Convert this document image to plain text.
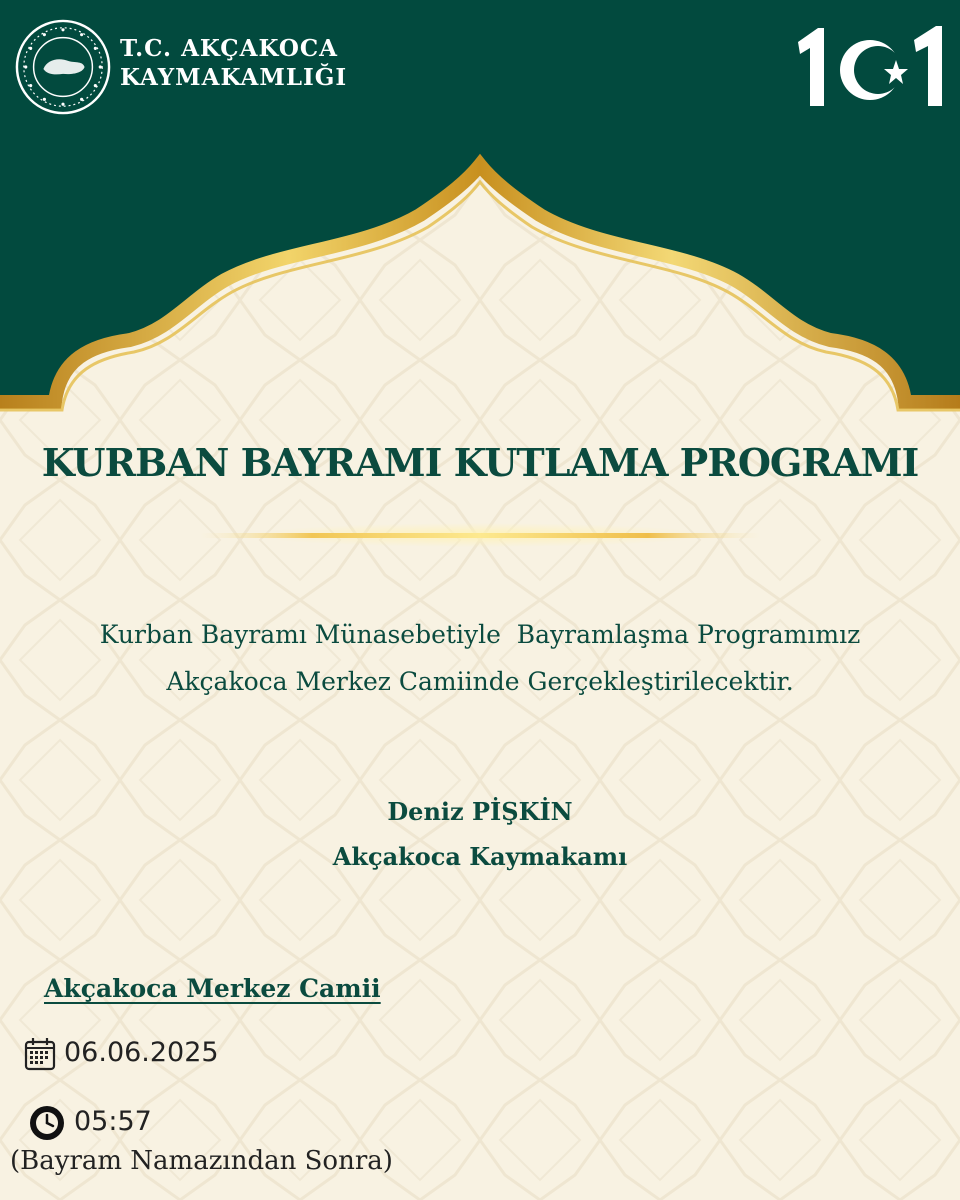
T.C. AKÇAKOCA
KAYMAKAMLIĞI
KURBAN BAYRAMI KUTLAMA PROGRAMI
Kurban Bayramı Münasebetiyle  Bayramlaşma Programımız
Akçakoca Merkez Camiinde Gerçekleştirilecektir.
Deniz PİŞKİN
Akçakoca Kaymakamı
Akçakoca Merkez Camii
06.06.2025
05:57
(Bayram Namazından Sonra)
